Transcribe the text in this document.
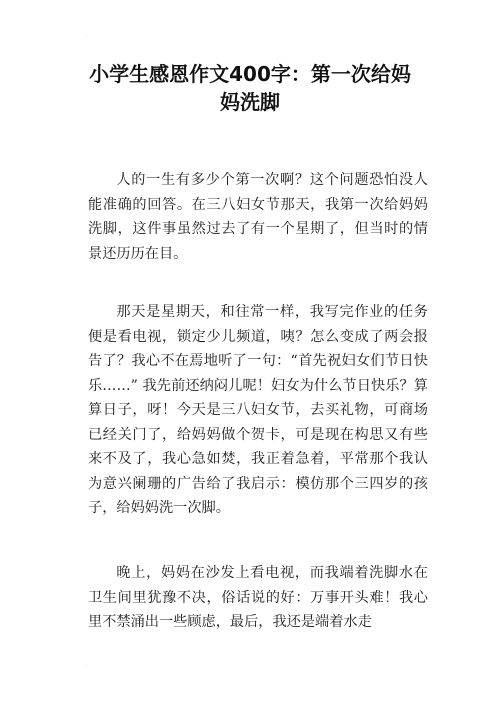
·
小学生感恩作文400字：第一次给妈
妈洗脚

人的一生有多少个第一次啊？这个问题恐怕没人能准确的回答。在三八妇女节那天，我第一次给妈妈洗脚，这件事虽然过去了有一个星期了，但当时的情景还历历在目。

那天是星期天，和往常一样，我写完作业的任务便是看电视，锁定少儿频道，咦？怎么变成了两会报告了？我心不在焉地听了一句：“首先祝妇女们节日快乐……” 我先前还纳闷儿呢！妇女为什么节日快乐？算算日子，呀！今天是三八妇女节，去买礼物，可商场已经关门了，给妈妈做个贺卡，可是现在构思又有些来不及了，我心急如焚，我正着急着，平常那个我认为意兴阑珊的广告给了我启示：模仿那个三四岁的孩子，给妈妈洗一次脚。

晚上，妈妈在沙发上看电视，而我端着洗脚水在卫生间里犹豫不决，俗话说的好：万事开头难！我心里不禁涌出一些顾虑，最后，我还是端着水走

·
